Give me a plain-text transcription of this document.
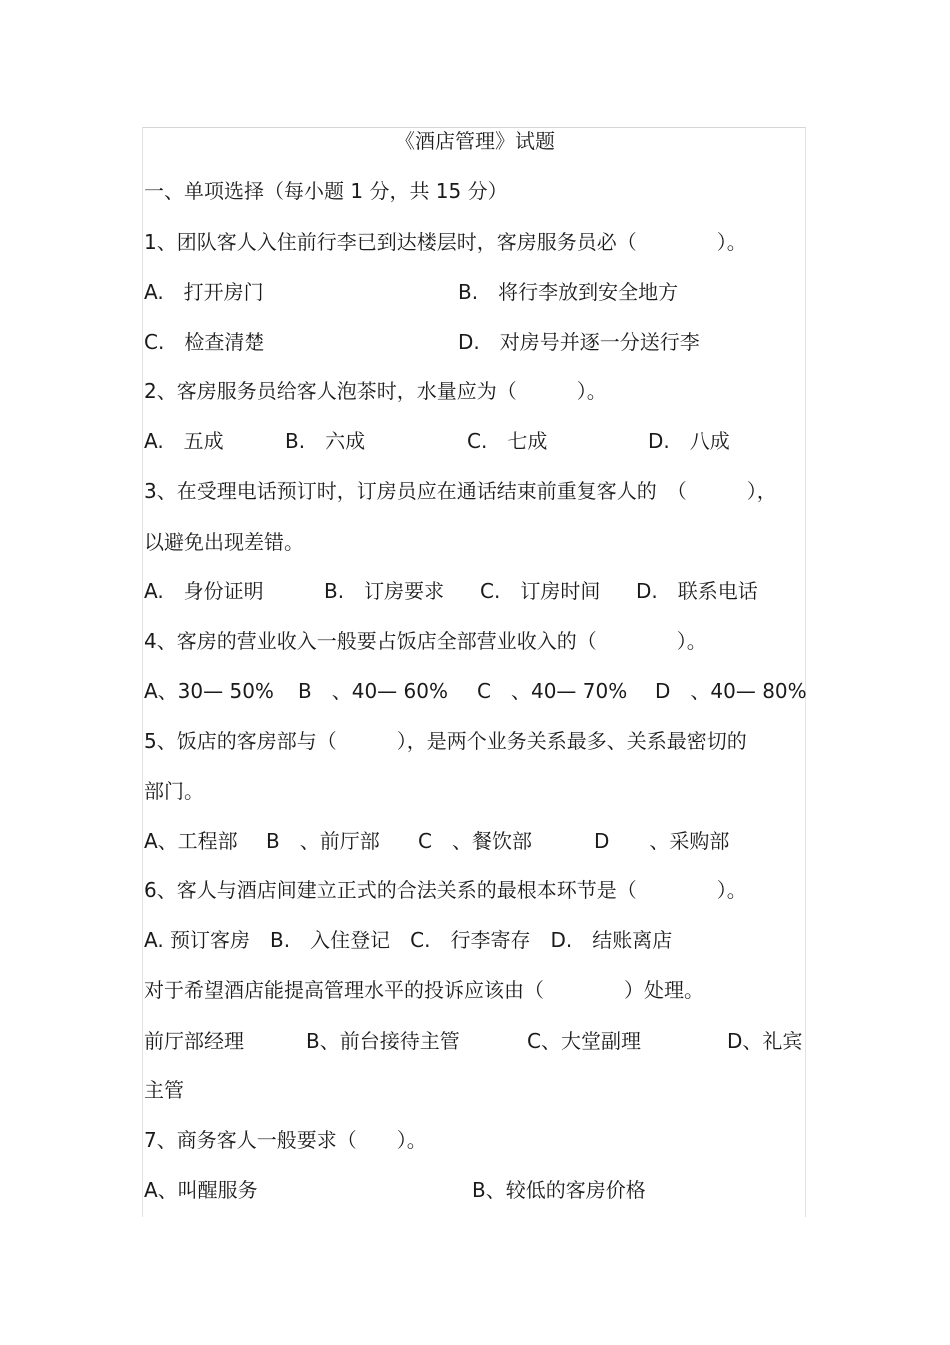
《酒店管理》试题
一、单项选择（每小题 1 分，共 15 分）
1、团队客人入住前行李已到达楼层时，客房服务员必（　　　　）。
A.　打开房门	B.　将行李放到安全地方
C.　检查清楚	D.　对房号并逐一分送行李
2、客房服务员给客人泡茶时，水量应为（　　　）。
A.　五成	B.　六成	C.　七成	D.　八成
3、在受理电话预订时，订房员应在通话结束前重复客人的　（　　　），
以避免出现差错。
A.　身份证明	B.　订房要求 C.　订房时间 D.　联系电话
4、客房的营业收入一般要占饭店全部营业收入的（　　　　）。
A、30— 50% B　、40— 60% C　、40— 70% D　、40— 80%
5、饭店的客房部与（　　　），是两个业务关系最多、关系最密切的
部门。
A、工程部 B　、前厅部 C　、餐饮部	D　　、采购部
6、客人与酒店间建立正式的合法关系的最根本环节是（　　　　）。
A. 预订客房　B.　入住登记　C.　行李寄存　D.　结账离店
对于希望酒店能提高管理水平的投诉应该由（　　　　）处理。
前厅部经理	B、前台接待主管	C、大堂副理	D、礼宾
主管
7、商务客人一般要求（　　）。
A、叫醒服务	B、较低的客房价格
